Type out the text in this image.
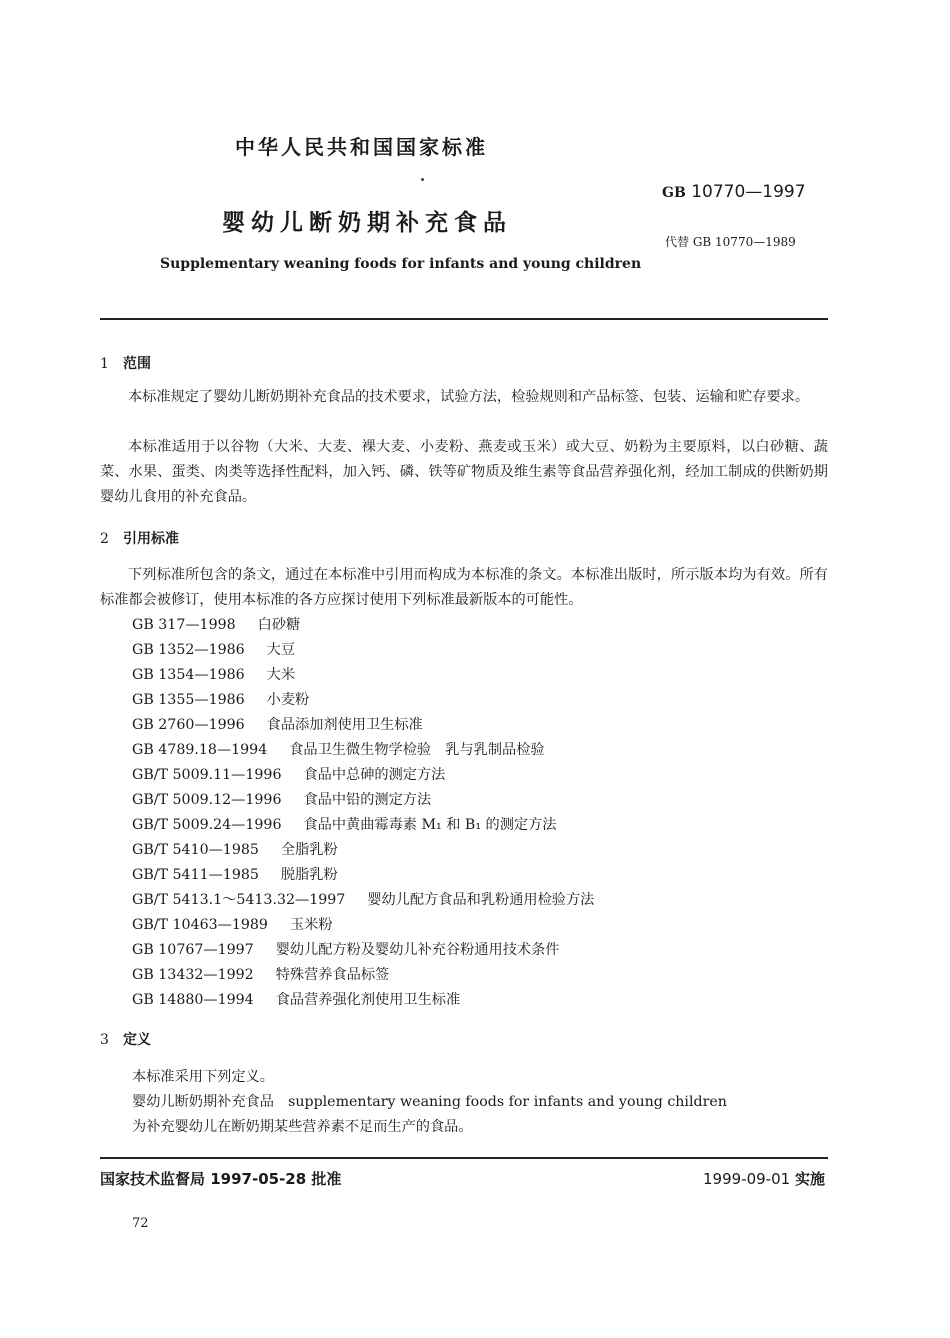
中华人民共和国国家标准
GB 10770—1997
婴幼儿断奶期补充食品
代替 GB 10770—1989
Supplementary weaning foods for infants and young children
1 范围
本标准规定了婴幼儿断奶期补充食品的技术要求，试验方法，检验规则和产品标签、包装、运输和贮存要求。
本标准适用于以谷物（大米、大麦、裸大麦、小麦粉、燕麦或玉米）或大豆、奶粉为主要原料，以白砂糖、蔬菜、水果、蛋类、肉类等选择性配料，加入钙、磷、铁等矿物质及维生素等食品营养强化剂，经加工制成的供断奶期婴幼儿食用的补充食品。
2 引用标准
下列标准所包含的条文，通过在本标准中引用而构成为本标准的条文。本标准出版时，所示版本均为有效。所有标准都会被修订，使用本标准的各方应探讨使用下列标准最新版本的可能性。
GB 317—1998 白砂糖
GB 1352—1986 大豆
GB 1354—1986 大米
GB 1355—1986 小麦粉
GB 2760—1996 食品添加剂使用卫生标准
GB 4789.18—1994 食品卫生微生物学检验　乳与乳制品检验
GB/T 5009.11—1996 食品中总砷的测定方法
GB/T 5009.12—1996 食品中铅的测定方法
GB/T 5009.24—1996 食品中黄曲霉毒素 M₁ 和 B₁ 的测定方法
GB/T 5410—1985 全脂乳粉
GB/T 5411—1985 脱脂乳粉
GB/T 5413.1～5413.32—1997 婴幼儿配方食品和乳粉通用检验方法
GB/T 10463—1989 玉米粉
GB 10767—1997 婴幼儿配方粉及婴幼儿补充谷粉通用技术条件
GB 13432—1992 特殊营养食品标签
GB 14880—1994 食品营养强化剂使用卫生标准
3 定义
本标准采用下列定义。
婴幼儿断奶期补充食品　supplementary weaning foods for infants and young children
为补充婴幼儿在断奶期某些营养素不足而生产的食品。
国家技术监督局 1997-05-28 批准	1999-09-01 实施
72
